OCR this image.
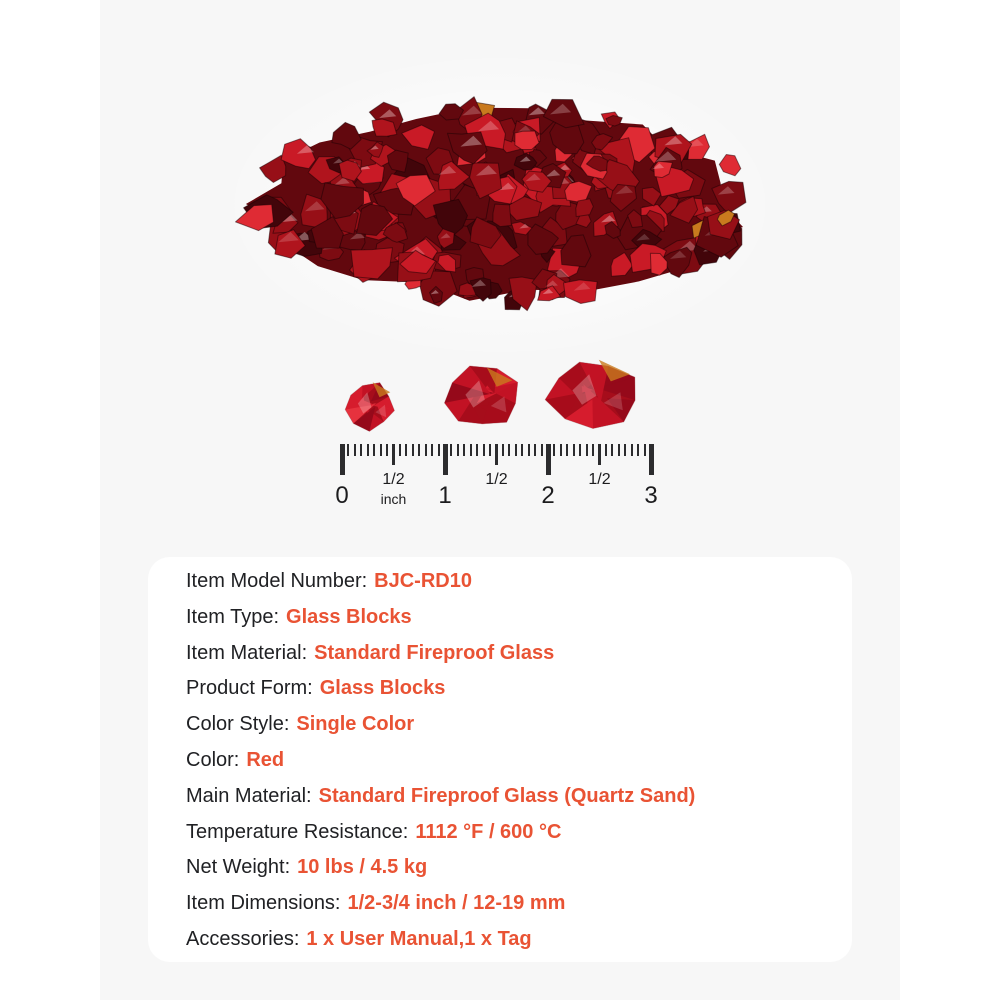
0	1	2	3
1/2	1/2	1/2
inch
Item Model Number: BJC-RD10
Item Type: Glass Blocks
Item Material: Standard Fireproof Glass
Product Form: Glass Blocks
Color Style: Single Color
Color: Red
Main Material: Standard Fireproof Glass (Quartz Sand)
Temperature Resistance: 1112 °F / 600 °C
Net Weight: 10 lbs / 4.5 kg
Item Dimensions: 1/2-3/4 inch / 12-19 mm
Accessories: 1 x User Manual,1 x Tag
